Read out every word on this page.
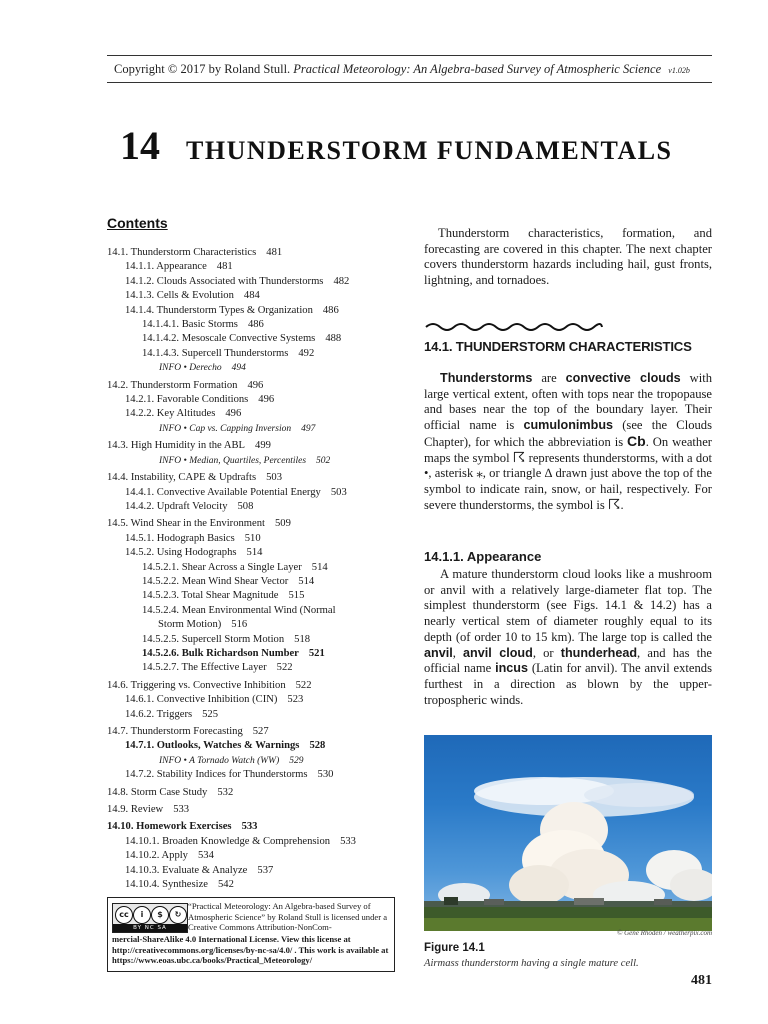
Copyright © 2017 by Roland Stull. Practical Meteorology: An Algebra-based Survey of Atmospheric Science v1.02b
14 THUNDERSTORM FUNDAMENTALS
Contents
14.1. Thunderstorm Characteristics 481
14.1.1. Appearance 481
14.1.2. Clouds Associated with Thunderstorms 482
14.1.3. Cells & Evolution 484
14.1.4. Thunderstorm Types & Organization 486
14.1.4.1. Basic Storms 486
14.1.4.2. Mesoscale Convective Systems 488
14.1.4.3. Supercell Thunderstorms 492
INFO • Derecho 494
14.2. Thunderstorm Formation 496
14.2.1. Favorable Conditions 496
14.2.2. Key Altitudes 496
INFO • Cap vs. Capping Inversion 497
14.3. High Humidity in the ABL 499
INFO • Median, Quartiles, Percentiles 502
14.4. Instability, CAPE & Updrafts 503
14.4.1. Convective Available Potential Energy 503
14.4.2. Updraft Velocity 508
14.5. Wind Shear in the Environment 509
14.5.1. Hodograph Basics 510
14.5.2. Using Hodographs 514
14.5.2.1. Shear Across a Single Layer 514
14.5.2.2. Mean Wind Shear Vector 514
14.5.2.3. Total Shear Magnitude 515
14.5.2.4. Mean Environmental Wind (Normal
Storm Motion) 516
14.5.2.5. Supercell Storm Motion 518
14.5.2.6. Bulk Richardson Number 521
14.5.2.7. The Effective Layer 522
14.6. Triggering vs. Convective Inhibition 522
14.6.1. Convective Inhibition (CIN) 523
14.6.2. Triggers 525
14.7. Thunderstorm Forecasting 527
14.7.1. Outlooks, Watches & Warnings 528
INFO • A Tornado Watch (WW) 529
14.7.2. Stability Indices for Thunderstorms 530
14.8. Storm Case Study 532
14.9. Review 533
14.10. Homework Exercises 533
14.10.1. Broaden Knowledge & Comprehension 533
14.10.2. Apply 534
14.10.3. Evaluate & Analyze 537
14.10.4. Synthesize 542
cc	i	$	↻
BY NC SA
“Practical Meteorology: An Algebra-based Survey of Atmospheric Science” by Roland Stull is licensed under a Creative Commons Attribution-NonCom-
mercial-ShareAlike 4.0 International License. View this license at http://creativecommons.org/licenses/by-nc-sa/4.0/ . This work is available at https://www.eoas.ubc.ca/books/Practical_Meteorology/
Thunderstorm characteristics, formation, and forecasting are covered in this chapter. The next chapter covers thunderstorm hazards including hail, gust fronts, lightning, and tornadoes.
14.1. THUNDERSTORM CHARACTERISTICS
Thunderstorms are convective clouds with large vertical extent, often with tops near the tropopause and bases near the top of the boundary layer. Their official name is cumulonimbus (see the Clouds Chapter), for which the abbreviation is Cb. On weather maps the symbol ☈ represents thunderstorms, with a dot •, asterisk ⁎, or triangle ∆ drawn just above the top of the symbol to indicate rain, snow, or hail, respectively. For severe thunderstorms, the symbol is ☈.
14.1.1. Appearance
A mature thunderstorm cloud looks like a mushroom or anvil with a relatively large-diameter flat top. The simplest thunderstorm (see Figs. 14.1 & 14.2) has a nearly vertical stem of diameter roughly equal to its depth (of order 10 to 15 km). The large top is called the anvil, anvil cloud, or thunderhead, and has the official name incus (Latin for anvil). The anvil extends furthest in a direction as blown by the upper-tropospheric winds.
© Gene Rhoden / weatherpix.com
Figure 14.1
Airmass thunderstorm having a single mature cell.
481
